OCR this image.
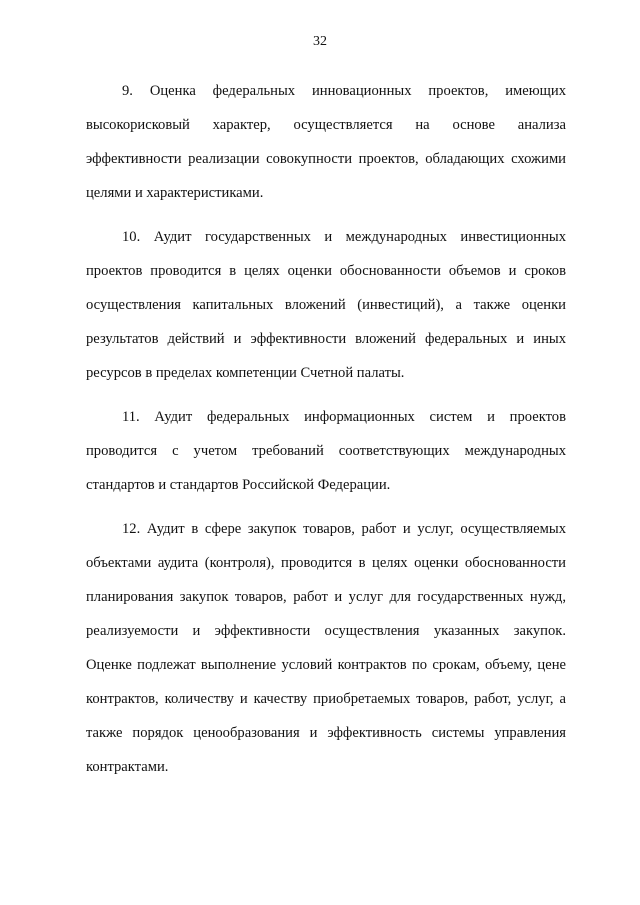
32

9. Оценка федеральных инновационных проектов, имеющих
высокорисковый характер, осуществляется на основе анализа
эффективности реализации совокупности проектов, обладающих схожими
целями и характеристиками.

10. Аудит государственных и международных инвестиционных
проектов проводится в целях оценки обоснованности объемов и сроков
осуществления капитальных вложений (инвестиций), а также оценки
результатов действий и эффективности вложений федеральных и иных
ресурсов в пределах компетенции Счетной палаты.

11. Аудит федеральных информационных систем и проектов
проводится с учетом требований соответствующих международных
стандартов и стандартов Российской Федерации.

12. Аудит в сфере закупок товаров, работ и услуг, осуществляемых
объектами аудита (контроля), проводится в целях оценки обоснованности
планирования закупок товаров, работ и услуг для государственных нужд,
реализуемости и эффективности осуществления указанных закупок.
Оценке подлежат выполнение условий контрактов по срокам, объему, цене
контрактов, количеству и качеству приобретаемых товаров, работ, услуг, а
также порядок ценообразования и эффективность системы управления
контрактами.
